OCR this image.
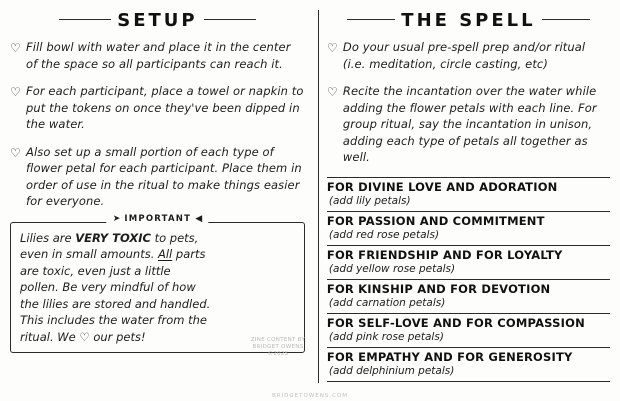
SETUP
♡ Fill bowl with water and place it in the center of the space so all participants can reach it.
♡ For each participant, place a towel or napkin to put the tokens on once they've been dipped in the water.
♡ Also set up a small portion of each type of flower petal for each participant. Place them in order of use in the ritual to make things easier for everyone.
➤ IMPORTANT ◀
Lilies are VERY TOXIC to pets,
even in small amounts. All parts
are toxic, even just a little
pollen. Be very mindful of how
the lilies are stored and handled.
This includes the water from the
ritual. We ♡ our pets!
THE SPELL
♡ Do your usual pre-spell prep and/or ritual (i.e. meditation, circle casting, etc)
♡ Recite the incantation over the water while adding the flower petals with each line. For group ritual, say the incantation in unison, adding each type of petals all together as well.
FOR DIVINE LOVE AND ADORATION
(add lily petals)
FOR PASSION AND COMMITMENT
(add red rose petals)
FOR FRIENDSHIP AND FOR LOYALTY
(add yellow rose petals)
FOR KINSHIP AND FOR DEVOTION
(add carnation petals)
FOR SELF-LOVE AND FOR COMPASSION
(add pink rose petals)
FOR EMPATHY AND FOR GENEROSITY
(add delphinium petals)
ZINE CONTENT BY
BRIDGET OWENS
©2025
BRIDGETOWENS.COM
